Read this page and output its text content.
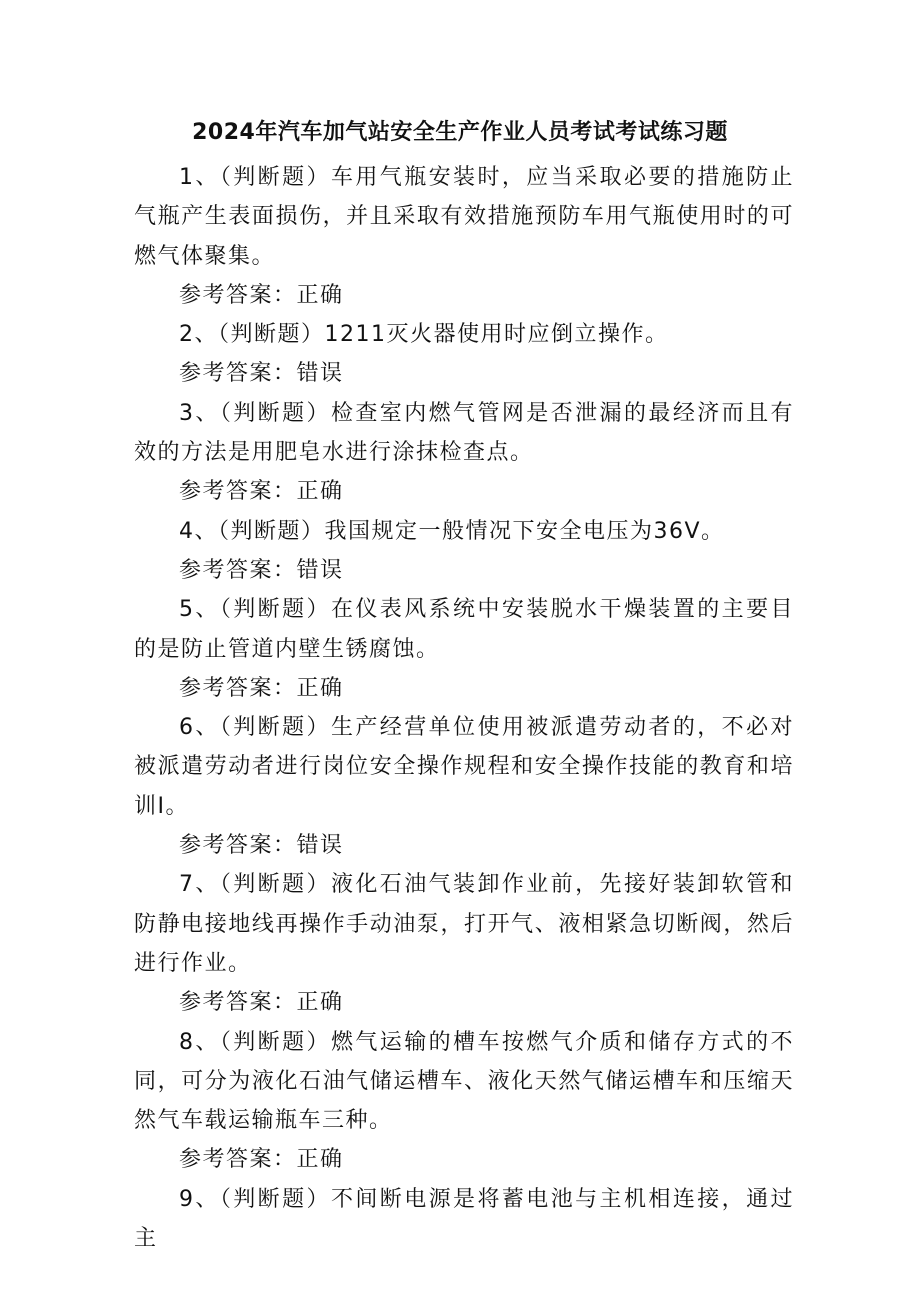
2024年汽车加气站安全生产作业人员考试考试练习题

1、（判断题）车用气瓶安装时，应当采取必要的措施防止气瓶产生表面损伤，并且采取有效措施预防车用气瓶使用时的可燃气体聚集。

参考答案：正确

2、（判断题）1211灭火器使用时应倒立操作。

参考答案：错误

3、（判断题）检查室内燃气管网是否泄漏的最经济而且有效的方法是用肥皂水进行涂抹检查点。

参考答案：正确

4、（判断题）我国规定一般情况下安全电压为36V。

参考答案：错误

5、（判断题）在仪表风系统中安装脱水干燥装置的主要目的是防止管道内壁生锈腐蚀。

参考答案：正确

6、（判断题）生产经营单位使用被派遣劳动者的，不必对被派遣劳动者进行岗位安全操作规程和安全操作技能的教育和培训I。

参考答案：错误

7、（判断题）液化石油气装卸作业前，先接好装卸软管和防静电接地线再操作手动油泵，打开气、液相紧急切断阀，然后进行作业。

参考答案：正确

8、（判断题）燃气运输的槽车按燃气介质和储存方式的不同，可分为液化石油气储运槽车、液化天然气储运槽车和压缩天然气车载运输瓶车三种。

参考答案：正确

9、（判断题）不间断电源是将蓄电池与主机相连接，通过主
